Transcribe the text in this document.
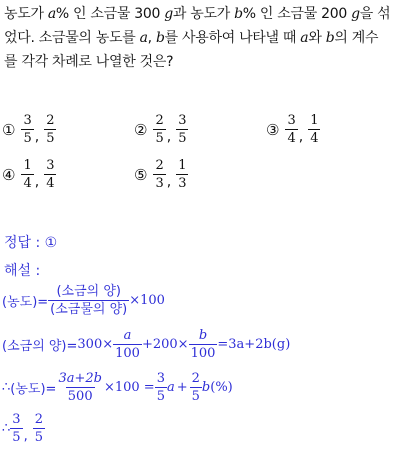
농도가 a% 인 소금물 300 g과 농도가 b% 인 소금물 200 g을 섞

었다. 소금물의 농도를 a, b를 사용하여 나타낼 때 a와 b의 계수

를 각각 차례로 나열한 것은?

① $\frac{3}{5}$ , $\frac{2}{5}$	② $\frac{2}{5}$ , $\frac{3}{5}$	③ $\frac{3}{4}$ , $\frac{1}{4}$
④ $\frac{1}{4}$ , $\frac{3}{4}$	⑤ $\frac{2}{3}$ , $\frac{1}{3}$
정답 : ①
해설 :
(농도)= $\frac{\text{(소금의 양)}}{\text{(소금물의 양)}} \times 100$
(소금의 양)= $300\times \frac{a}{100} +200\times \frac{b}{100} =3a+2b$ (g)
∴ (농도)= $\frac{3a+2b}{500} \times 100 = \frac{3}{5}$ $a + \frac{2}{5}$ b (%)
∴ $\frac{3}{5}$ , $\frac{2}{5}$
